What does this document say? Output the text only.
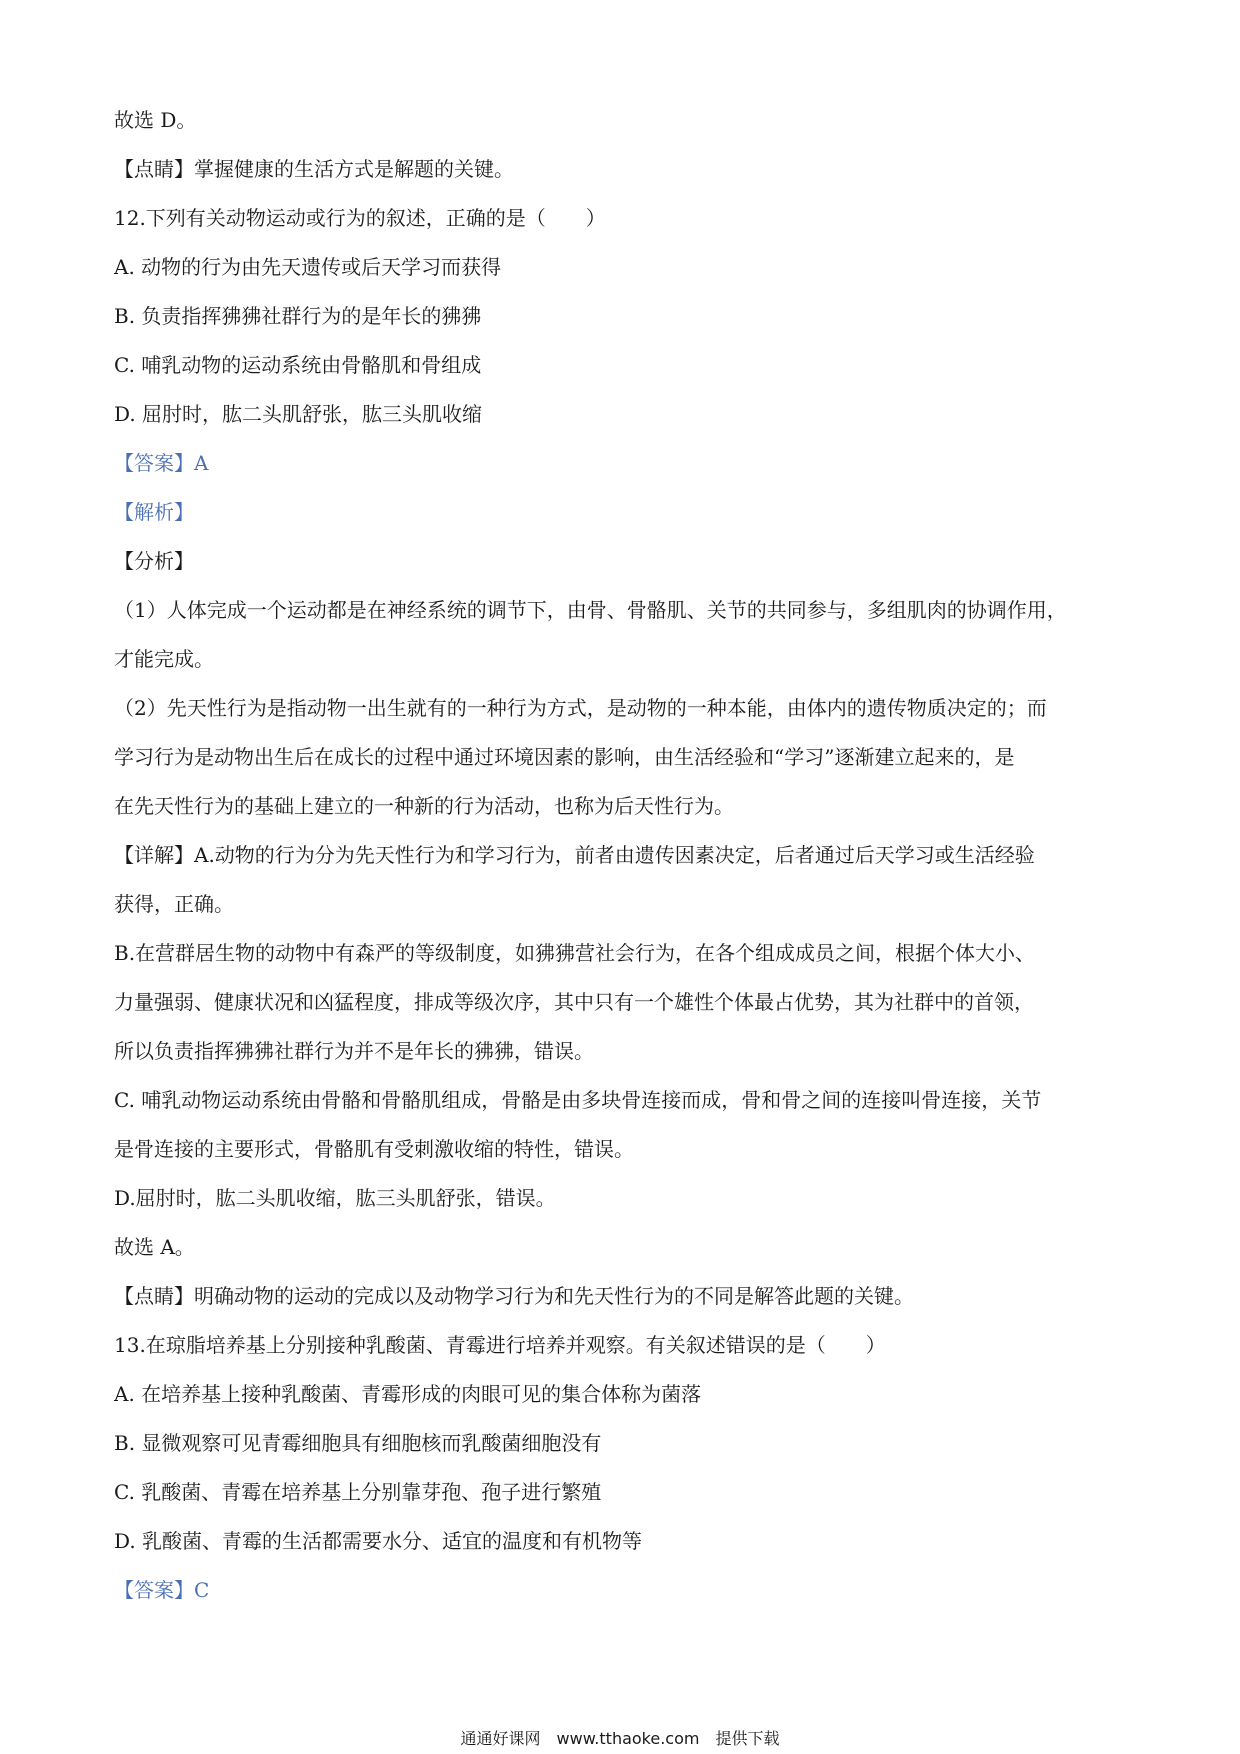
故选 D。
【点睛】掌握健康的生活方式是解题的关键。
12.下列有关动物运动或行为的叙述，正确的是（　　）
A. 动物的行为由先天遗传或后天学习而获得
B. 负责指挥狒狒社群行为的是年长的狒狒
C. 哺乳动物的运动系统由骨骼肌和骨组成
D. 屈肘时，肱二头肌舒张，肱三头肌收缩
【答案】A
【解析】
【分析】
（1）人体完成一个运动都是在神经系统的调节下，由骨、骨骼肌、关节的共同参与，多组肌肉的协调作用，
才能完成。
（2）先天性行为是指动物一出生就有的一种行为方式，是动物的一种本能，由体内的遗传物质决定的；而
学习行为是动物出生后在成长的过程中通过环境因素的影响，由生活经验和“学习”逐渐建立起来的，是
在先天性行为的基础上建立的一种新的行为活动，也称为后天性行为。
【详解】A.动物的行为分为先天性行为和学习行为，前者由遗传因素决定，后者通过后天学习或生活经验
获得，正确。
B.在营群居生物的动物中有森严的等级制度，如狒狒营社会行为，在各个组成成员之间，根据个体大小、
力量强弱、健康状况和凶猛程度，排成等级次序，其中只有一个雄性个体最占优势，其为社群中的首领，
所以负责指挥狒狒社群行为并不是年长的狒狒，错误。
C. 哺乳动物运动系统由骨骼和骨骼肌组成，骨骼是由多块骨连接而成，骨和骨之间的连接叫骨连接，关节
是骨连接的主要形式，骨骼肌有受刺激收缩的特性，错误。
D.屈肘时，肱二头肌收缩，肱三头肌舒张，错误。
故选 A。
【点睛】明确动物的运动的完成以及动物学习行为和先天性行为的不同是解答此题的关键。
13.在琼脂培养基上分别接种乳酸菌、青霉进行培养并观察。有关叙述错误的是（　　）
A. 在培养基上接种乳酸菌、青霉形成的肉眼可见的集合体称为菌落
B. 显微观察可见青霉细胞具有细胞核而乳酸菌细胞没有
C. 乳酸菌、青霉在培养基上分别靠芽孢、孢子进行繁殖
D. 乳酸菌、青霉的生活都需要水分、适宜的温度和有机物等
【答案】C
通通好课网　www.tthaoke.com　提供下载
